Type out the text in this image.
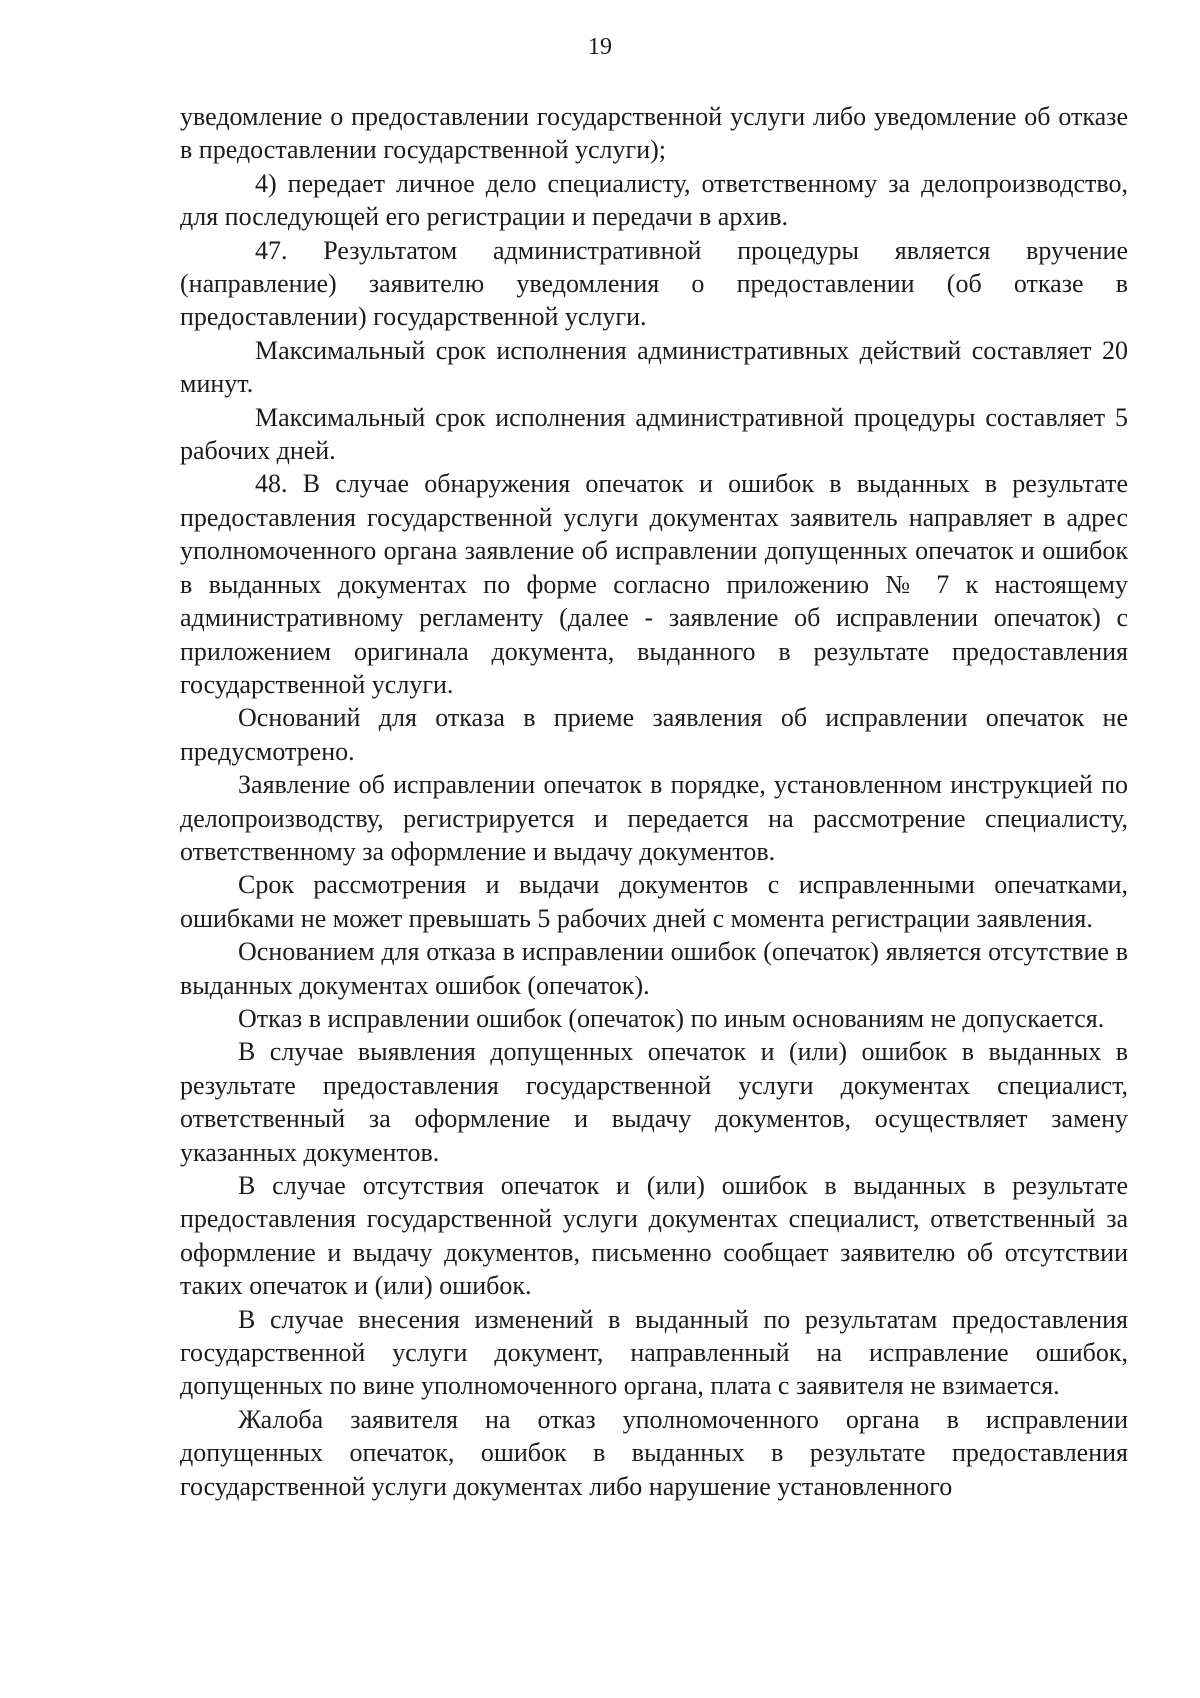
19

уведомление о предоставлении государственной услуги либо уведомление об отказе в предоставлении государственной услуги);

4) передает личное дело специалисту, ответственному за делопроизводство, для последующей его регистрации и передачи в архив.

47. Результатом административной процедуры является вручение (направление) заявителю уведомления о предоставлении (об отказе в предоставлении) государственной услуги.

Максимальный срок исполнения административных действий составляет 20 минут.

Максимальный срок исполнения административной процедуры составляет 5 рабочих дней.

48. В случае обнаружения опечаток и ошибок в выданных в результате предоставления государственной услуги документах заявитель направляет в адрес уполномоченного органа заявление об исправлении допущенных опечаток и ошибок в выданных документах по форме согласно приложению № 7 к настоящему административному регламенту (далее - заявление об исправлении опечаток) с приложением оригинала документа, выданного в результате предоставления государственной услуги.

Оснований для отказа в приеме заявления об исправлении опечаток не предусмотрено.

Заявление об исправлении опечаток в порядке, установленном инструкцией по делопроизводству, регистрируется и передается на рассмотрение специалисту, ответственному за оформление и выдачу документов.

Срок рассмотрения и выдачи документов с исправленными опечатками, ошибками не может превышать 5 рабочих дней с момента регистрации заявления.

Основанием для отказа в исправлении ошибок (опечаток) является отсутствие в выданных документах ошибок (опечаток).

Отказ в исправлении ошибок (опечаток) по иным основаниям не допускается.

В случае выявления допущенных опечаток и (или) ошибок в выданных в результате предоставления государственной услуги документах специалист, ответственный за оформление и выдачу документов, осуществляет замену указанных документов.

В случае отсутствия опечаток и (или) ошибок в выданных в результате предоставления государственной услуги документах специалист, ответственный за оформление и выдачу документов, письменно сообщает заявителю об отсутствии таких опечаток и (или) ошибок.

В случае внесения изменений в выданный по результатам предоставления государственной услуги документ, направленный на исправление ошибок, допущенных по вине уполномоченного органа, плата с заявителя не взимается.

Жалоба заявителя на отказ уполномоченного органа в исправлении допущенных опечаток, ошибок в выданных в результате предоставления государственной услуги документах либо нарушение установленного
